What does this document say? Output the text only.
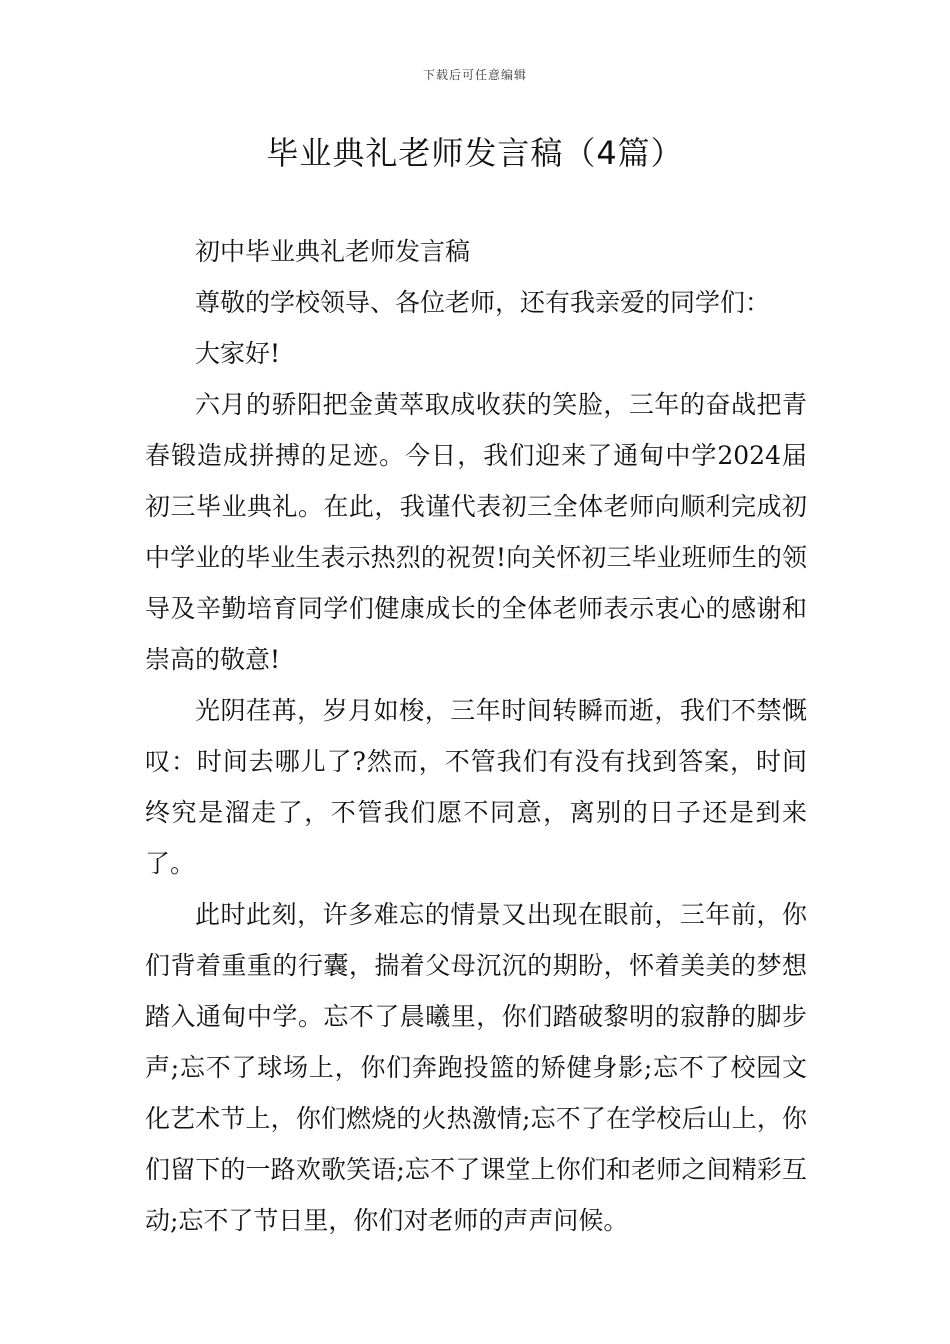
下载后可任意编辑
毕业典礼老师发言稿（4篇）

初中毕业典礼老师发言稿

尊敬的学校领导、各位老师，还有我亲爱的同学们：

大家好!

六月的骄阳把金黄萃取成收获的笑脸，三年的奋战把青春锻造成拼搏的足迹。今日，我们迎来了通甸中学2024届初三毕业典礼。在此，我谨代表初三全体老师向顺利完成初中学业的毕业生表示热烈的祝贺!向关怀初三毕业班师生的领导及辛勤培育同学们健康成长的全体老师表示衷心的感谢和崇高的敬意!

光阴荏苒，岁月如梭，三年时间转瞬而逝，我们不禁慨叹：时间去哪儿了?然而，不管我们有没有找到答案，时间终究是溜走了，不管我们愿不同意，离别的日子还是到来了。

此时此刻，许多难忘的情景又出现在眼前，三年前，你们背着重重的行囊，揣着父母沉沉的期盼，怀着美美的梦想踏入通甸中学。忘不了晨曦里，你们踏破黎明的寂静的脚步声;忘不了球场上，你们奔跑投篮的矫健身影;忘不了校园文化艺术节上，你们燃烧的火热激情;忘不了在学校后山上，你们留下的一路欢歌笑语;忘不了课堂上你们和老师之间精彩互动;忘不了节日里，你们对老师的声声问候。
